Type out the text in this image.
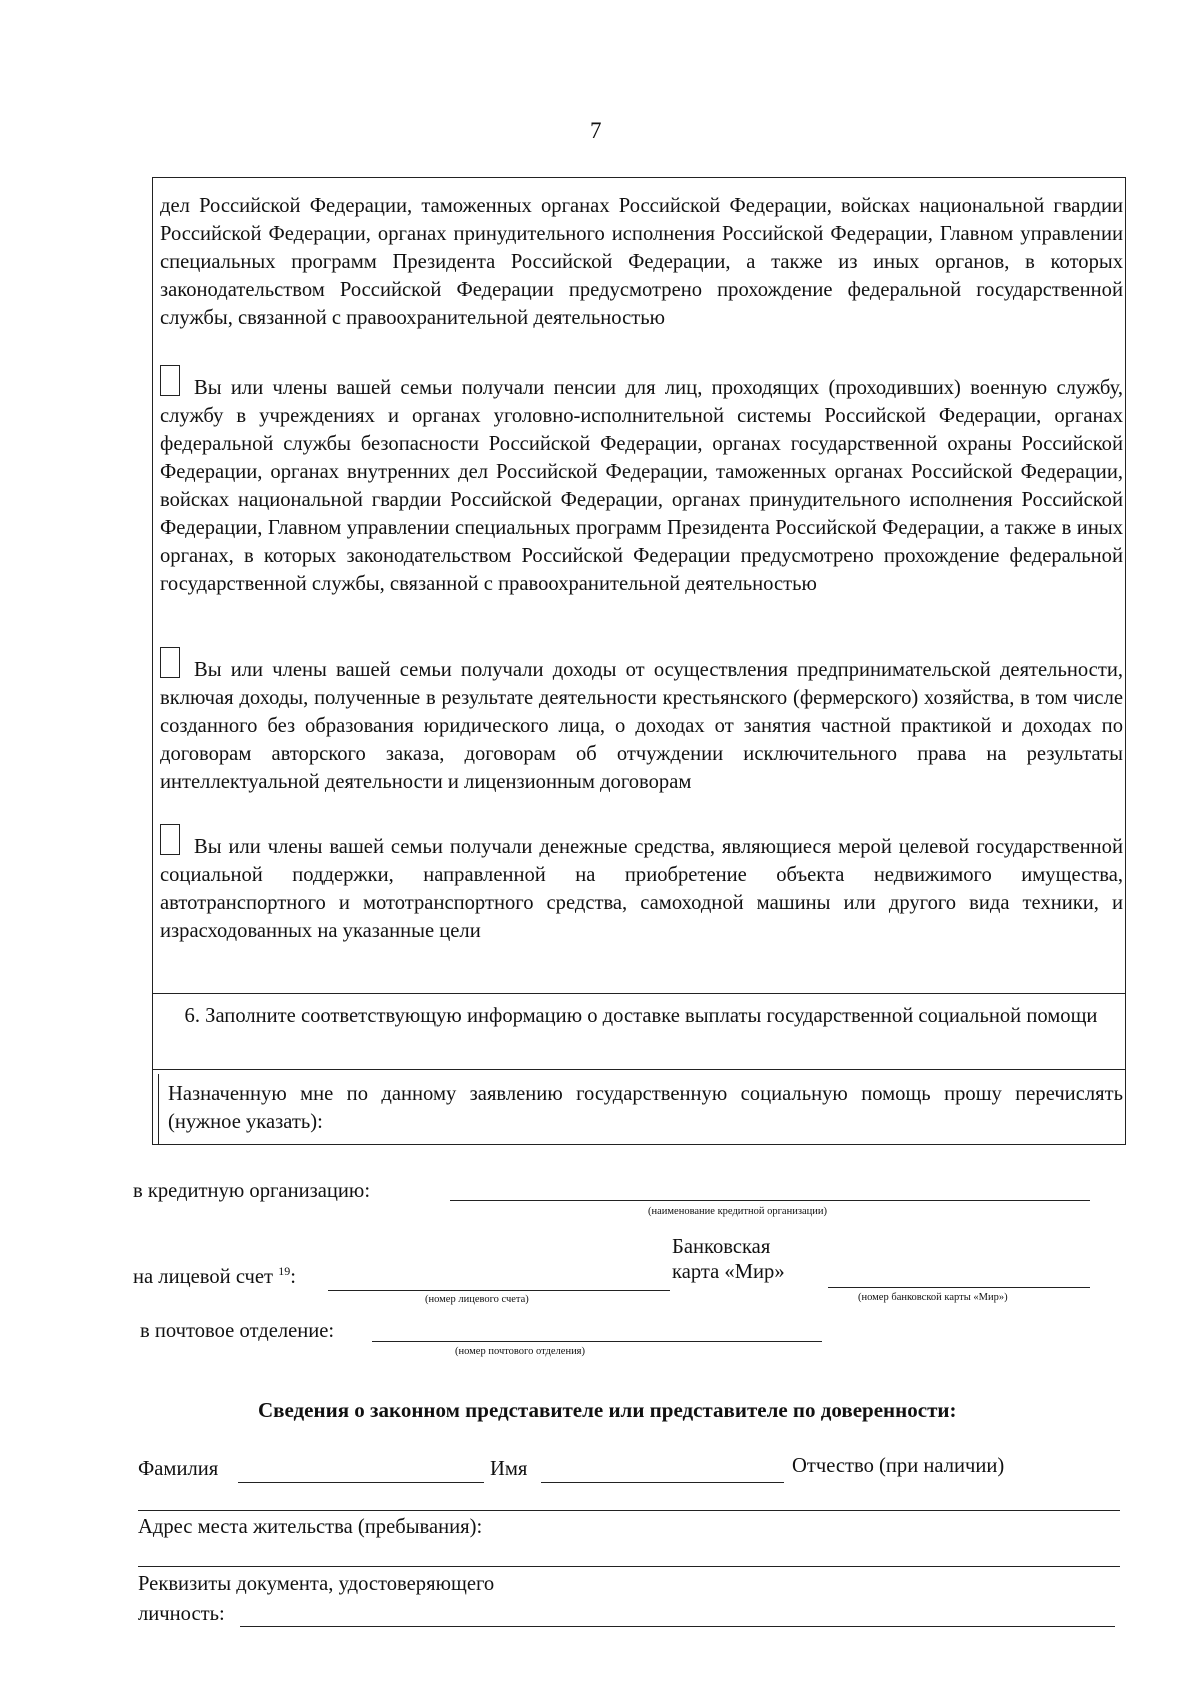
7
дел Российской Федерации, таможенных органах Российской Федерации, войсках национальной гвардии Российской Федерации, органах принудительного исполнения Российской Федерации, Главном управлении специальных программ Президента Российской Федерации, а также из иных органов, в которых законодательством Российской Федерации предусмотрено прохождение федеральной государственной службы, связанной с правоохранительной деятельностью
Вы или члены вашей семьи получали пенсии для лиц, проходящих (проходивших) военную службу, службу в учреждениях и органах уголовно-исполнительной системы Российской Федерации, органах федеральной службы безопасности Российской Федерации, органах государственной охраны Российской Федерации, органах внутренних дел Российской Федерации, таможенных органах Российской Федерации, войсках национальной гвардии Российской Федерации, органах принудительного исполнения Российской Федерации, Главном управлении специальных программ Президента Российской Федерации, а также в иных органах, в которых законодательством Российской Федерации предусмотрено прохождение федеральной государственной службы, связанной с правоохранительной деятельностью
Вы или члены вашей семьи получали доходы от осуществления предпринимательской деятельности, включая доходы, полученные в результате деятельности крестьянского (фермерского) хозяйства, в том числе созданного без образования юридического лица, о доходах от занятия частной практикой и доходах по договорам авторского заказа, договорам об отчуждении исключительного права на результаты интеллектуальной деятельности и лицензионным договорам
Вы или члены вашей семьи получали денежные средства, являющиеся мерой целевой государственной социальной поддержки, направленной на приобретение объекта недвижимого имущества, автотранспортного и мототранспортного средства, самоходной машины или другого вида техники, и израсходованных на указанные цели
6. Заполните соответствующую информацию о доставке выплаты государственной социальной помощи
Назначенную мне по данному заявлению государственную социальную помощь прошу перечислять (нужное указать):
в кредитную организацию:
(наименование кредитной организации)
Банковская
на лицевой счет $^{19}$:
(номер лицевого счета)
карта «Мир»
(номер банковской карты «Мир»)
в почтовое отделение:
(номер почтового отделения)
Сведения о законном представителе или представителе по доверенности:
Фамилия	Имя	Отчество (при наличии)
Адрес места жительства (пребывания):
Реквизиты документа, удостоверяющего
личность:
